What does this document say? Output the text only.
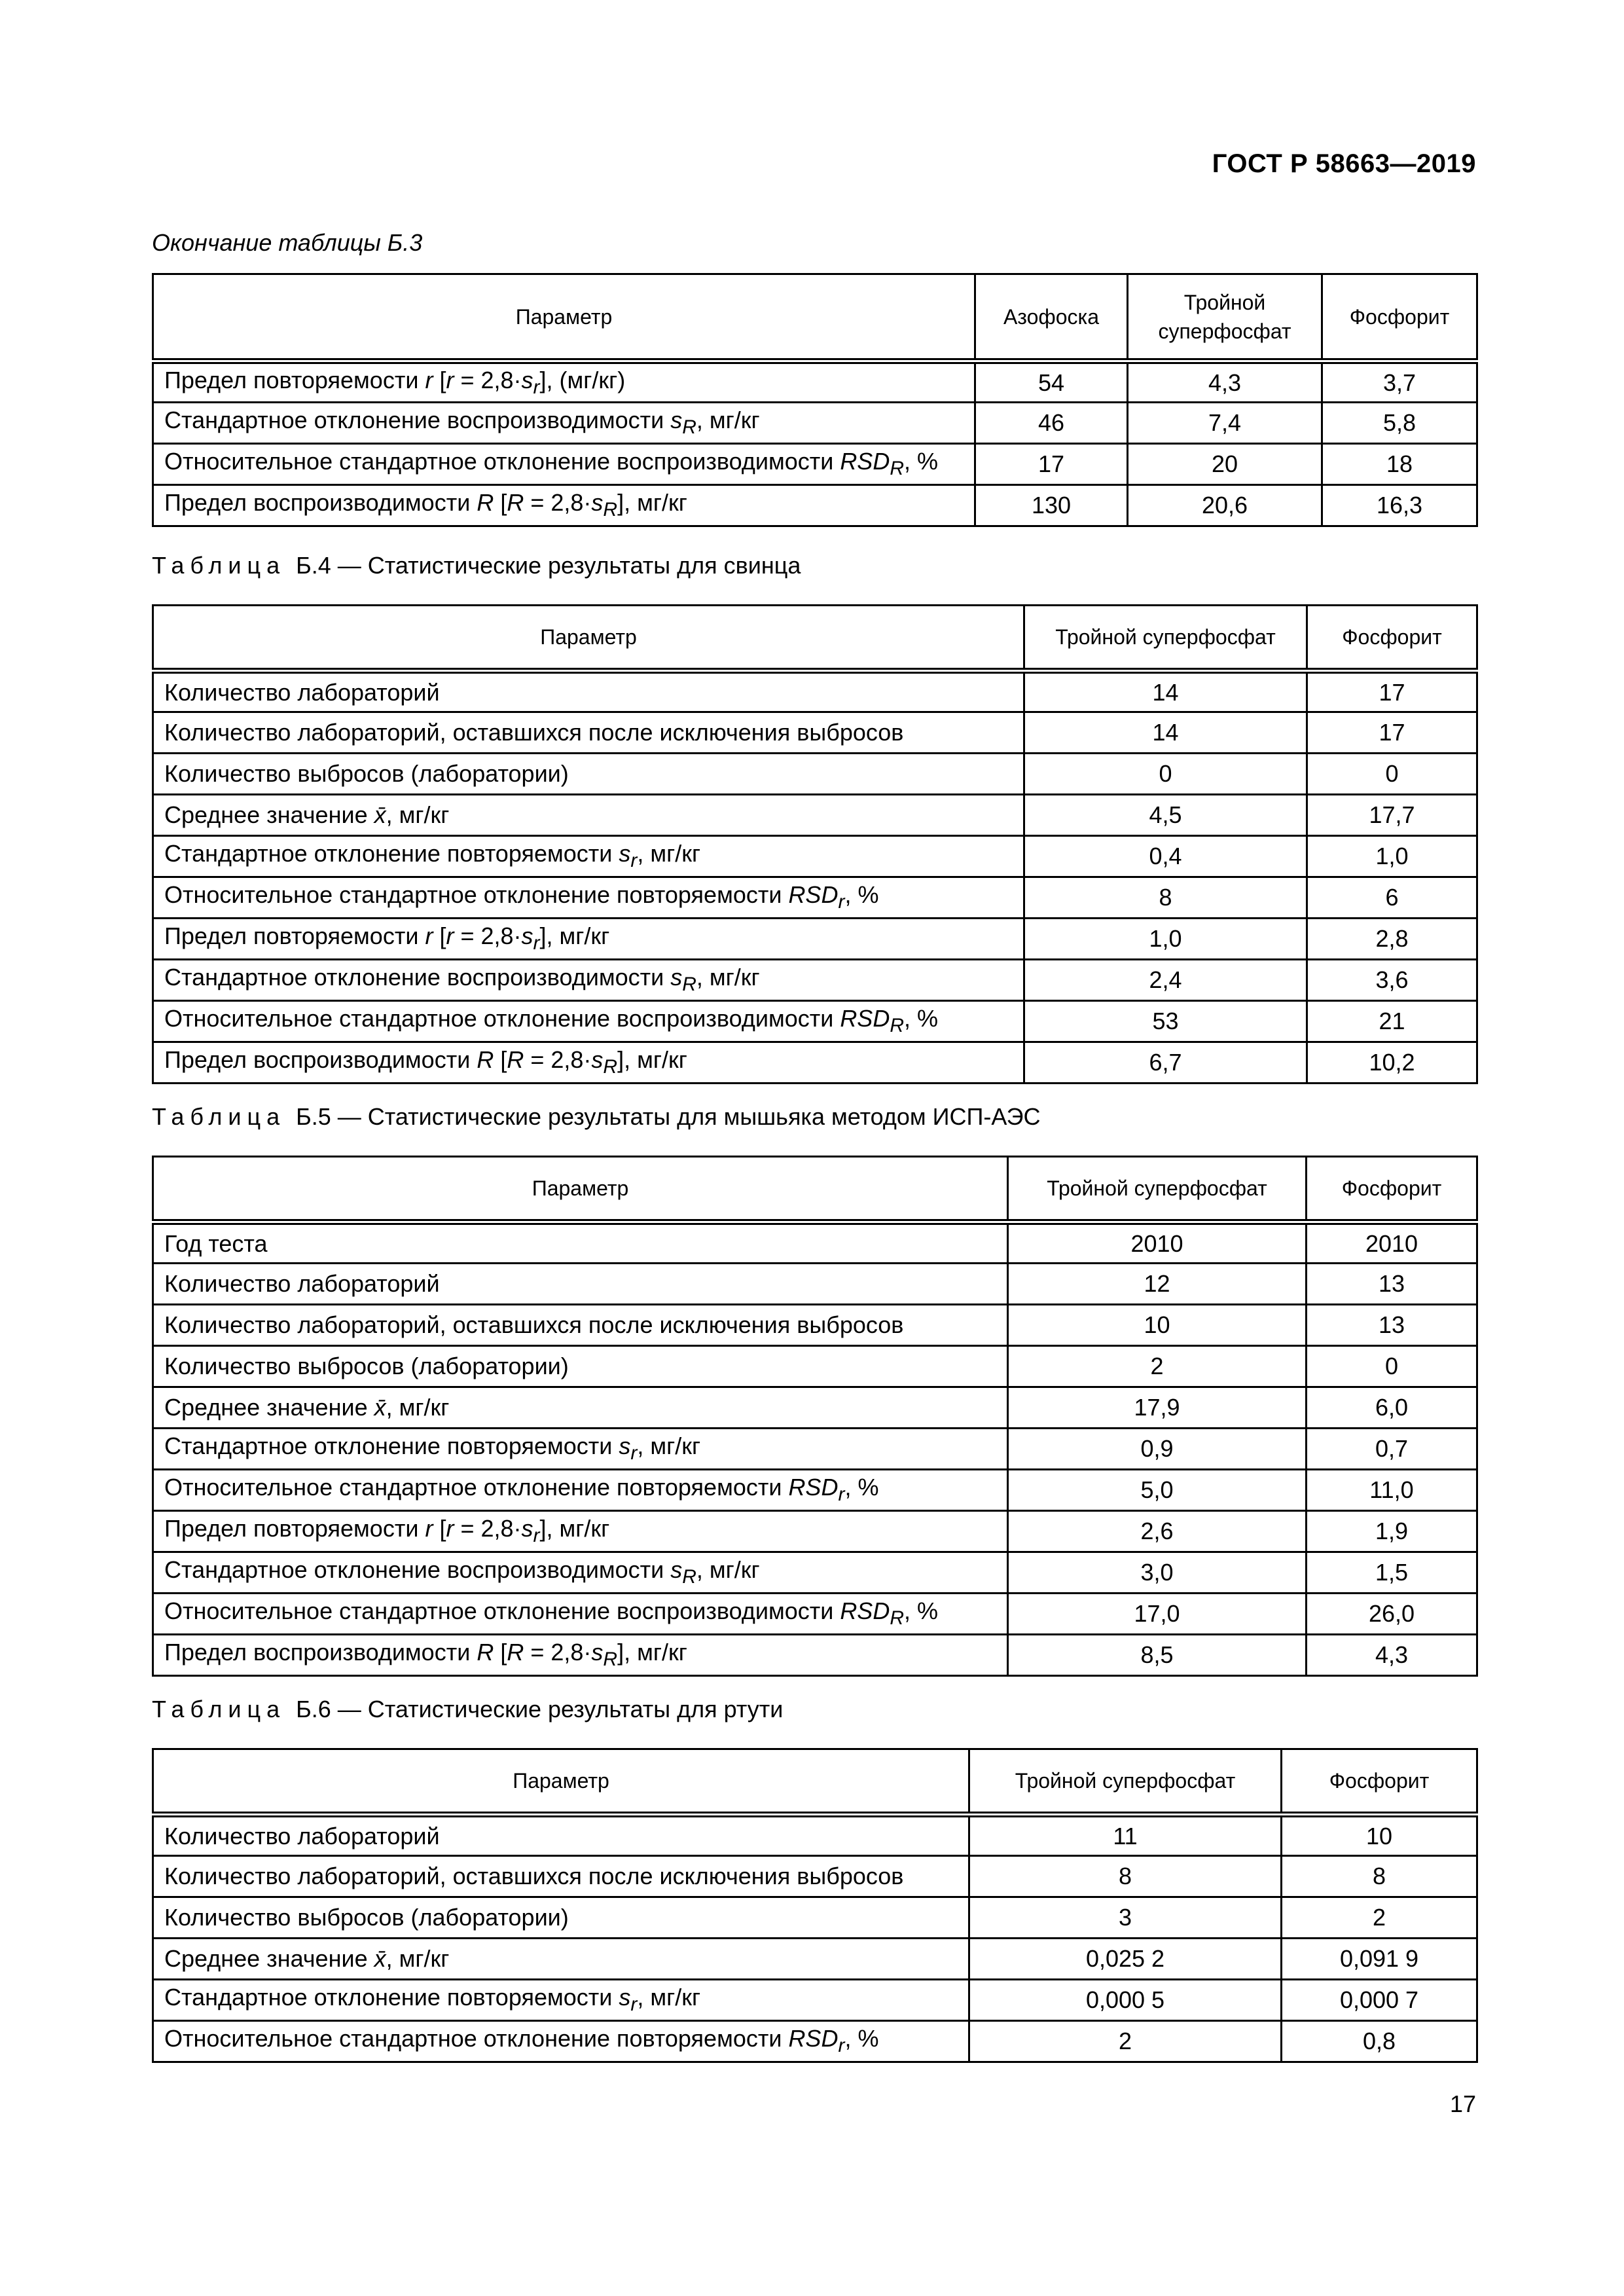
ГОСТ Р 58663—2019
Окончание таблицы Б.3
Параметр	Азофоска	Тройной суперфосфат	Фосфорит
Предел повторяемости r $[r = 2,8\cdot s_r]$, (мг/кг)	54	4,3	3,7
Стандартное отклонение воспроизводимости $s_R$, мг/кг	46	7,4	5,8
Относительное стандартное отклонение воспроизводимости $RSD_R$, %	17	20	18
Предел воспроизводимости R $[R = 2,8\cdot s_R]$, мг/кг	130	20,6	16,3
Таблица Б.4 — Статистические результаты для свинца
Параметр	Тройной суперфосфат	Фосфорит
Количество лабораторий	14	17
Количество лабораторий, оставшихся после исключения выбросов	14	17
Количество выбросов (лаборатории)	0	0
Среднее значение x̄, мг/кг	4,5	17,7
Стандартное отклонение повторяемости $s_r$, мг/кг	0,4	1,0
Относительное стандартное отклонение повторяемости $RSD_r$, %	8	6
Предел повторяемости r $[r = 2,8\cdot s_r]$, мг/кг	1,0	2,8
Стандартное отклонение воспроизводимости $s_R$, мг/кг	2,4	3,6
Относительное стандартное отклонение воспроизводимости $RSD_R$, %	53	21
Предел воспроизводимости R $[R = 2,8\cdot s_R]$, мг/кг	6,7	10,2
Таблица Б.5 — Статистические результаты для мышьяка методом ИСП-АЭС
Параметр	Тройной суперфосфат	Фосфорит
Год теста	2010	2010
Количество лабораторий	12	13
Количество лабораторий, оставшихся после исключения выбросов	10	13
Количество выбросов (лаборатории)	2	0
Среднее значение x̄, мг/кг	17,9	6,0
Стандартное отклонение повторяемости $s_r$, мг/кг	0,9	0,7
Относительное стандартное отклонение повторяемости $RSD_r$, %	5,0	11,0
Предел повторяемости r $[r = 2,8\cdot s_r]$, мг/кг	2,6	1,9
Стандартное отклонение воспроизводимости $s_R$, мг/кг	3,0	1,5
Относительное стандартное отклонение воспроизводимости $RSD_R$, %	17,0	26,0
Предел воспроизводимости R $[R = 2,8\cdot s_R]$, мг/кг	8,5	4,3
Таблица Б.6 — Статистические результаты для ртути
Параметр	Тройной суперфосфат	Фосфорит
Количество лабораторий	11	10
Количество лабораторий, оставшихся после исключения выбросов	8	8
Количество выбросов (лаборатории)	3	2
Среднее значение x̄, мг/кг	0,025 2	0,091 9
Стандартное отклонение повторяемости $s_r$, мг/кг	0,000 5	0,000 7
Относительное стандартное отклонение повторяемости $RSD_r$, %	2	0,8
17
